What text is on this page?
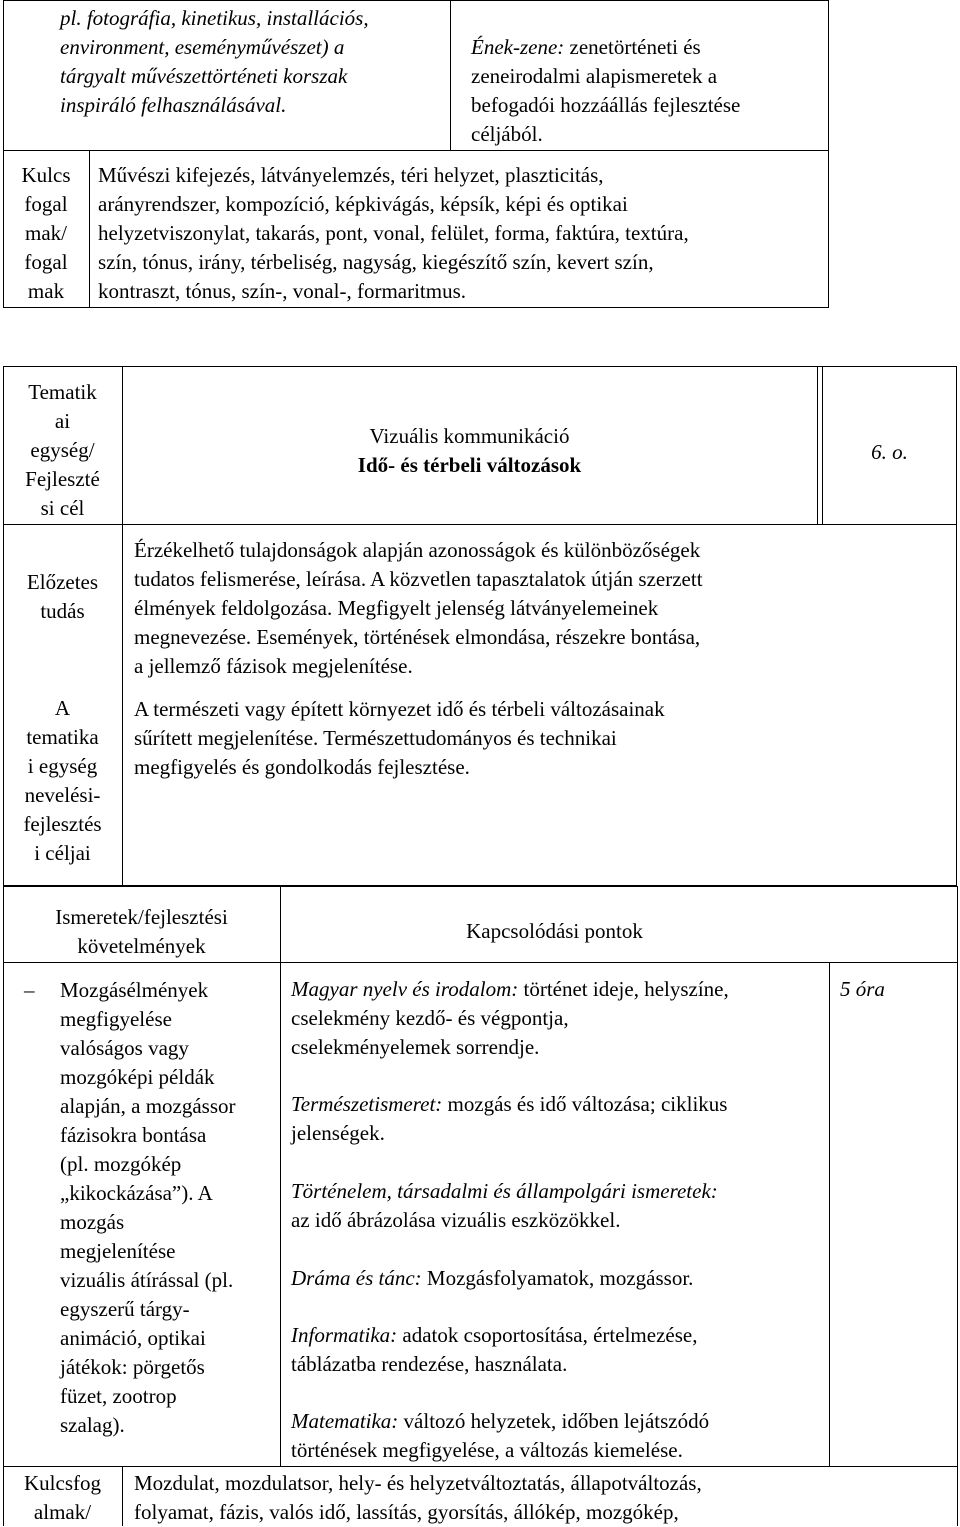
pl. fotográfia, kinetikus, installációs,
environment, eseményművészet) a
tárgyalt művészettörténeti korszak
inspiráló felhasználásával.
Ének-zene: zenetörténeti és
zeneirodalmi alapismeretek a
befogadói hozzáállás fejlesztése
céljából.
Kulcs
fogal
mak/
fogal
mak
Művészi kifejezés, látványelemzés, téri helyzet, plaszticitás,
arányrendszer, kompozíció, képkivágás, képsík, képi és optikai
helyzetviszonylat, takarás, pont, vonal, felület, forma, faktúra, textúra,
szín, tónus, irány, térbeliség, nagyság, kiegészítő szín, kevert szín,
kontraszt, tónus, szín-, vonal-, formaritmus.
Tematik
ai
egység/
Fejleszté
si cél
Vizuális kommunikáció
Idő- és térbeli változások
6. o.
Előzetes
tudás
Érzékelhető tulajdonságok alapján azonosságok és különbözőségek
tudatos felismerése, leírása. A közvetlen tapasztalatok útján szerzett
élmények feldolgozása. Megfigyelt jelenség látványelemeinek
megnevezése. Események, történések elmondása, részekre bontása,
a jellemző fázisok megjelenítése.
A
tematika
i egység
nevelési-
fejlesztés
i céljai
A természeti vagy épített környezet idő és térbeli változásainak
sűrített megjelenítése. Természettudományos és technikai
megfigyelés és gondolkodás fejlesztése.
Ismeretek/fejlesztési
követelmények
Kapcsolódási pontok
– Mozgásélmények
megfigyelése
valóságos vagy
mozgóképi példák
alapján, a mozgássor
fázisokra bontása
(pl. mozgókép
„kikockázása”). A
mozgás
megjelenítése
vizuális átírással (pl.
egyszerű tárgy-
animáció, optikai
játékok: pörgetős
füzet, zootrop
szalag).
Magyar nyelv és irodalom: történet ideje, helyszíne,
cselekmény kezdő- és végpontja,
cselekményelemek sorrendje.
Természetismeret: mozgás és idő változása; ciklikus
jelenségek.
Történelem, társadalmi és állampolgári ismeretek:
az idő ábrázolása vizuális eszközökkel.
Dráma és tánc: Mozgásfolyamatok, mozgássor.
Informatika: adatok csoportosítása, értelmezése,
táblázatba rendezése, használata.
Matematika: változó helyzetek, időben lejátszódó
történések megfigyelése, a változás kiemelése.
5 óra
Kulcsfog
almak/
Mozdulat, mozdulatsor, hely- és helyzetváltoztatás, állapotváltozás,
folyamat, fázis, valós idő, lassítás, gyorsítás, állókép, mozgókép,
